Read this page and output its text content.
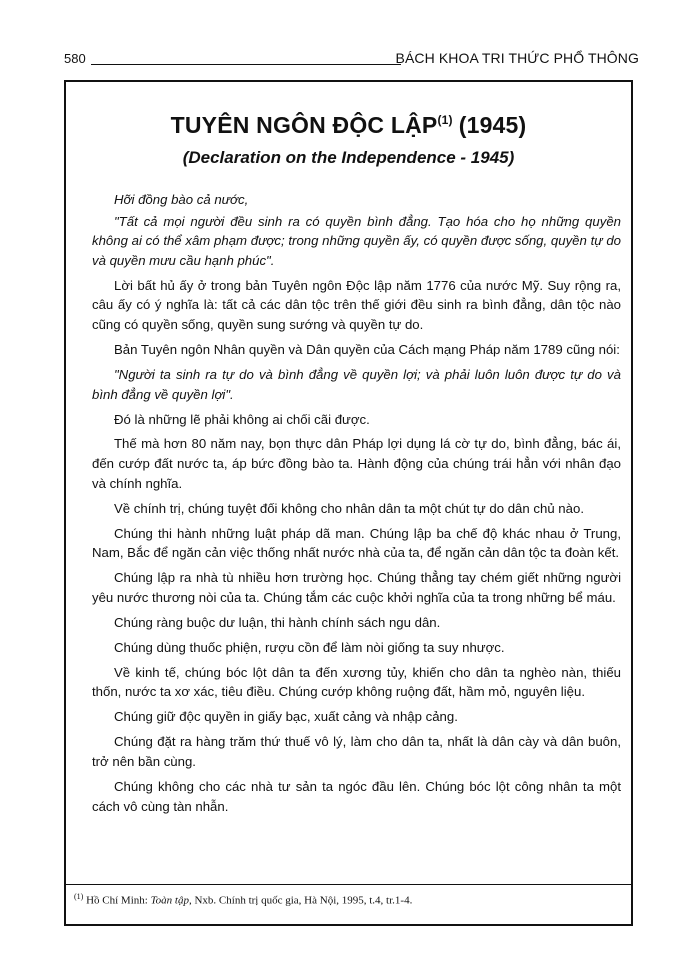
580	BÁCH KHOA TRI THỨC PHỔ THÔNG
TUYÊN NGÔN ĐỘC LẬP$^{(1)}$ (1945)
(Declaration on the Independence - 1945)

Hỡi đồng bào cả nước,

"Tất cả mọi người đều sinh ra có quyền bình đẳng. Tạo hóa cho họ những quyền không ai có thể xâm phạm được; trong những quyền ấy, có quyền được sống, quyền tự do và quyền mưu cầu hạnh phúc".

Lời bất hủ ấy ở trong bản Tuyên ngôn Độc lập năm 1776 của nước Mỹ. Suy rộng ra, câu ấy có ý nghĩa là: tất cả các dân tộc trên thế giới đều sinh ra bình đẳng, dân tộc nào cũng có quyền sống, quyền sung sướng và quyền tự do.

Bản Tuyên ngôn Nhân quyền và Dân quyền của Cách mạng Pháp năm 1789 cũng nói:

"Người ta sinh ra tự do và bình đẳng về quyền lợi; và phải luôn luôn được tự do và bình đẳng về quyền lợi".

Đó là những lẽ phải không ai chối cãi được.

Thế mà hơn 80 năm nay, bọn thực dân Pháp lợi dụng lá cờ tự do, bình đẳng, bác ái, đến cướp đất nước ta, áp bức đồng bào ta. Hành động của chúng trái hẳn với nhân đạo và chính nghĩa.

Về chính trị, chúng tuyệt đối không cho nhân dân ta một chút tự do dân chủ nào.

Chúng thi hành những luật pháp dã man. Chúng lập ba chế độ khác nhau ở Trung, Nam, Bắc để ngăn cản việc thống nhất nước nhà của ta, để ngăn cản dân tộc ta đoàn kết.

Chúng lập ra nhà tù nhiều hơn trường học. Chúng thẳng tay chém giết những người yêu nước thương nòi của ta. Chúng tắm các cuộc khởi nghĩa của ta trong những bể máu.

Chúng ràng buộc dư luận, thi hành chính sách ngu dân.

Chúng dùng thuốc phiện, rượu cồn để làm nòi giống ta suy nhược.

Về kinh tế, chúng bóc lột dân ta đến xương tủy, khiến cho dân ta nghèo nàn, thiếu thốn, nước ta xơ xác, tiêu điều. Chúng cướp không ruộng đất, hầm mỏ, nguyên liệu.

Chúng giữ độc quyền in giấy bạc, xuất cảng và nhập cảng.

Chúng đặt ra hàng trăm thứ thuế vô lý, làm cho dân ta, nhất là dân cày và dân buôn, trở nên bần cùng.

Chúng không cho các nhà tư sản ta ngóc đầu lên. Chúng bóc lột công nhân ta một cách vô cùng tàn nhẫn.

$^{(1)}$ Hồ Chí Minh: Toàn tập, Nxb. Chính trị quốc gia, Hà Nội, 1995, t.4, tr.1-4.
